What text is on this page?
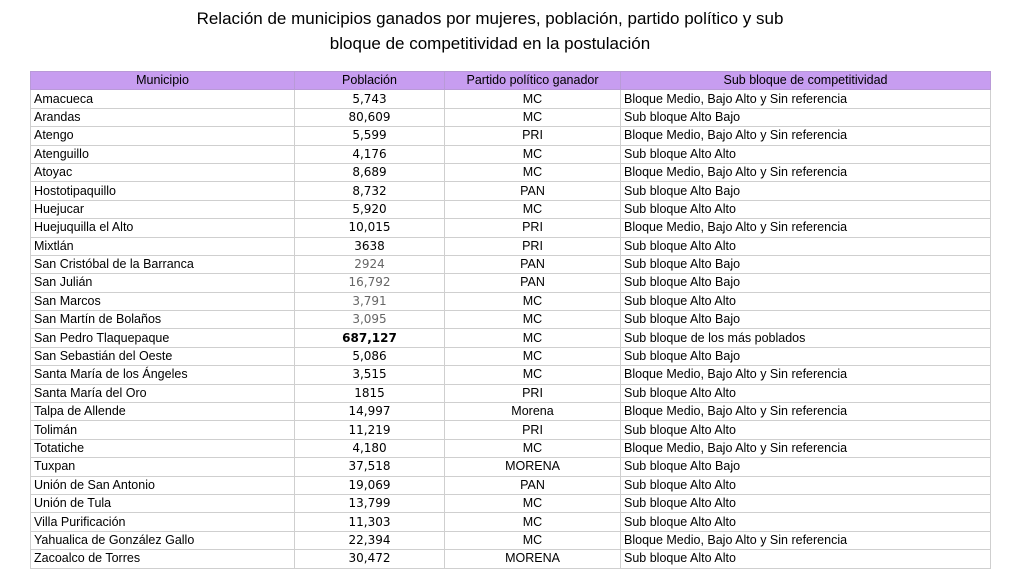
Relación de municipios ganados por mujeres, población, partido político y sub
bloque de competitividad en la postulación
Municipio	Población	Partido político ganador	Sub bloque de competitividad
Amacueca	5,743	MC	Bloque Medio, Bajo Alto y Sin referencia
Arandas	80,609	MC	Sub bloque Alto Bajo
Atengo	5,599	PRI	Bloque Medio, Bajo Alto y Sin referencia
Atenguillo	4,176	MC	Sub bloque Alto Alto
Atoyac	8,689	MC	Bloque Medio, Bajo Alto y Sin referencia
Hostotipaquillo	8,732	PAN	Sub bloque Alto Bajo
Huejucar	5,920	MC	Sub bloque Alto Alto
Huejuquilla el Alto	10,015	PRI	Bloque Medio, Bajo Alto y Sin referencia
Mixtlán	3638	PRI	Sub bloque Alto Alto
San Cristóbal de la Barranca	2924	PAN	Sub bloque Alto Bajo
San Julián	16,792	PAN	Sub bloque Alto Bajo
San Marcos	3,791	MC	Sub bloque Alto Alto
San Martín de Bolaños	3,095	MC	Sub bloque Alto Bajo
San Pedro Tlaquepaque	687,127	MC	Sub bloque de los más poblados
San Sebastián del Oeste	5,086	MC	Sub bloque Alto Bajo
Santa María de los Ángeles	3,515	MC	Bloque Medio, Bajo Alto y Sin referencia
Santa María del Oro	1815	PRI	Sub bloque Alto Alto
Talpa de Allende	14,997	Morena	Bloque Medio, Bajo Alto y Sin referencia
Tolimán	11,219	PRI	Sub bloque Alto Alto
Totatiche	4,180	MC	Bloque Medio, Bajo Alto y Sin referencia
Tuxpan	37,518	MORENA	Sub bloque Alto Bajo
Unión de San Antonio	19,069	PAN	Sub bloque Alto Alto
Unión de Tula	13,799	MC	Sub bloque Alto Alto
Villa Purificación	11,303	MC	Sub bloque Alto Alto
Yahualica de González Gallo	22,394	MC	Bloque Medio, Bajo Alto y Sin referencia
Zacoalco de Torres	30,472	MORENA	Sub bloque Alto Alto
